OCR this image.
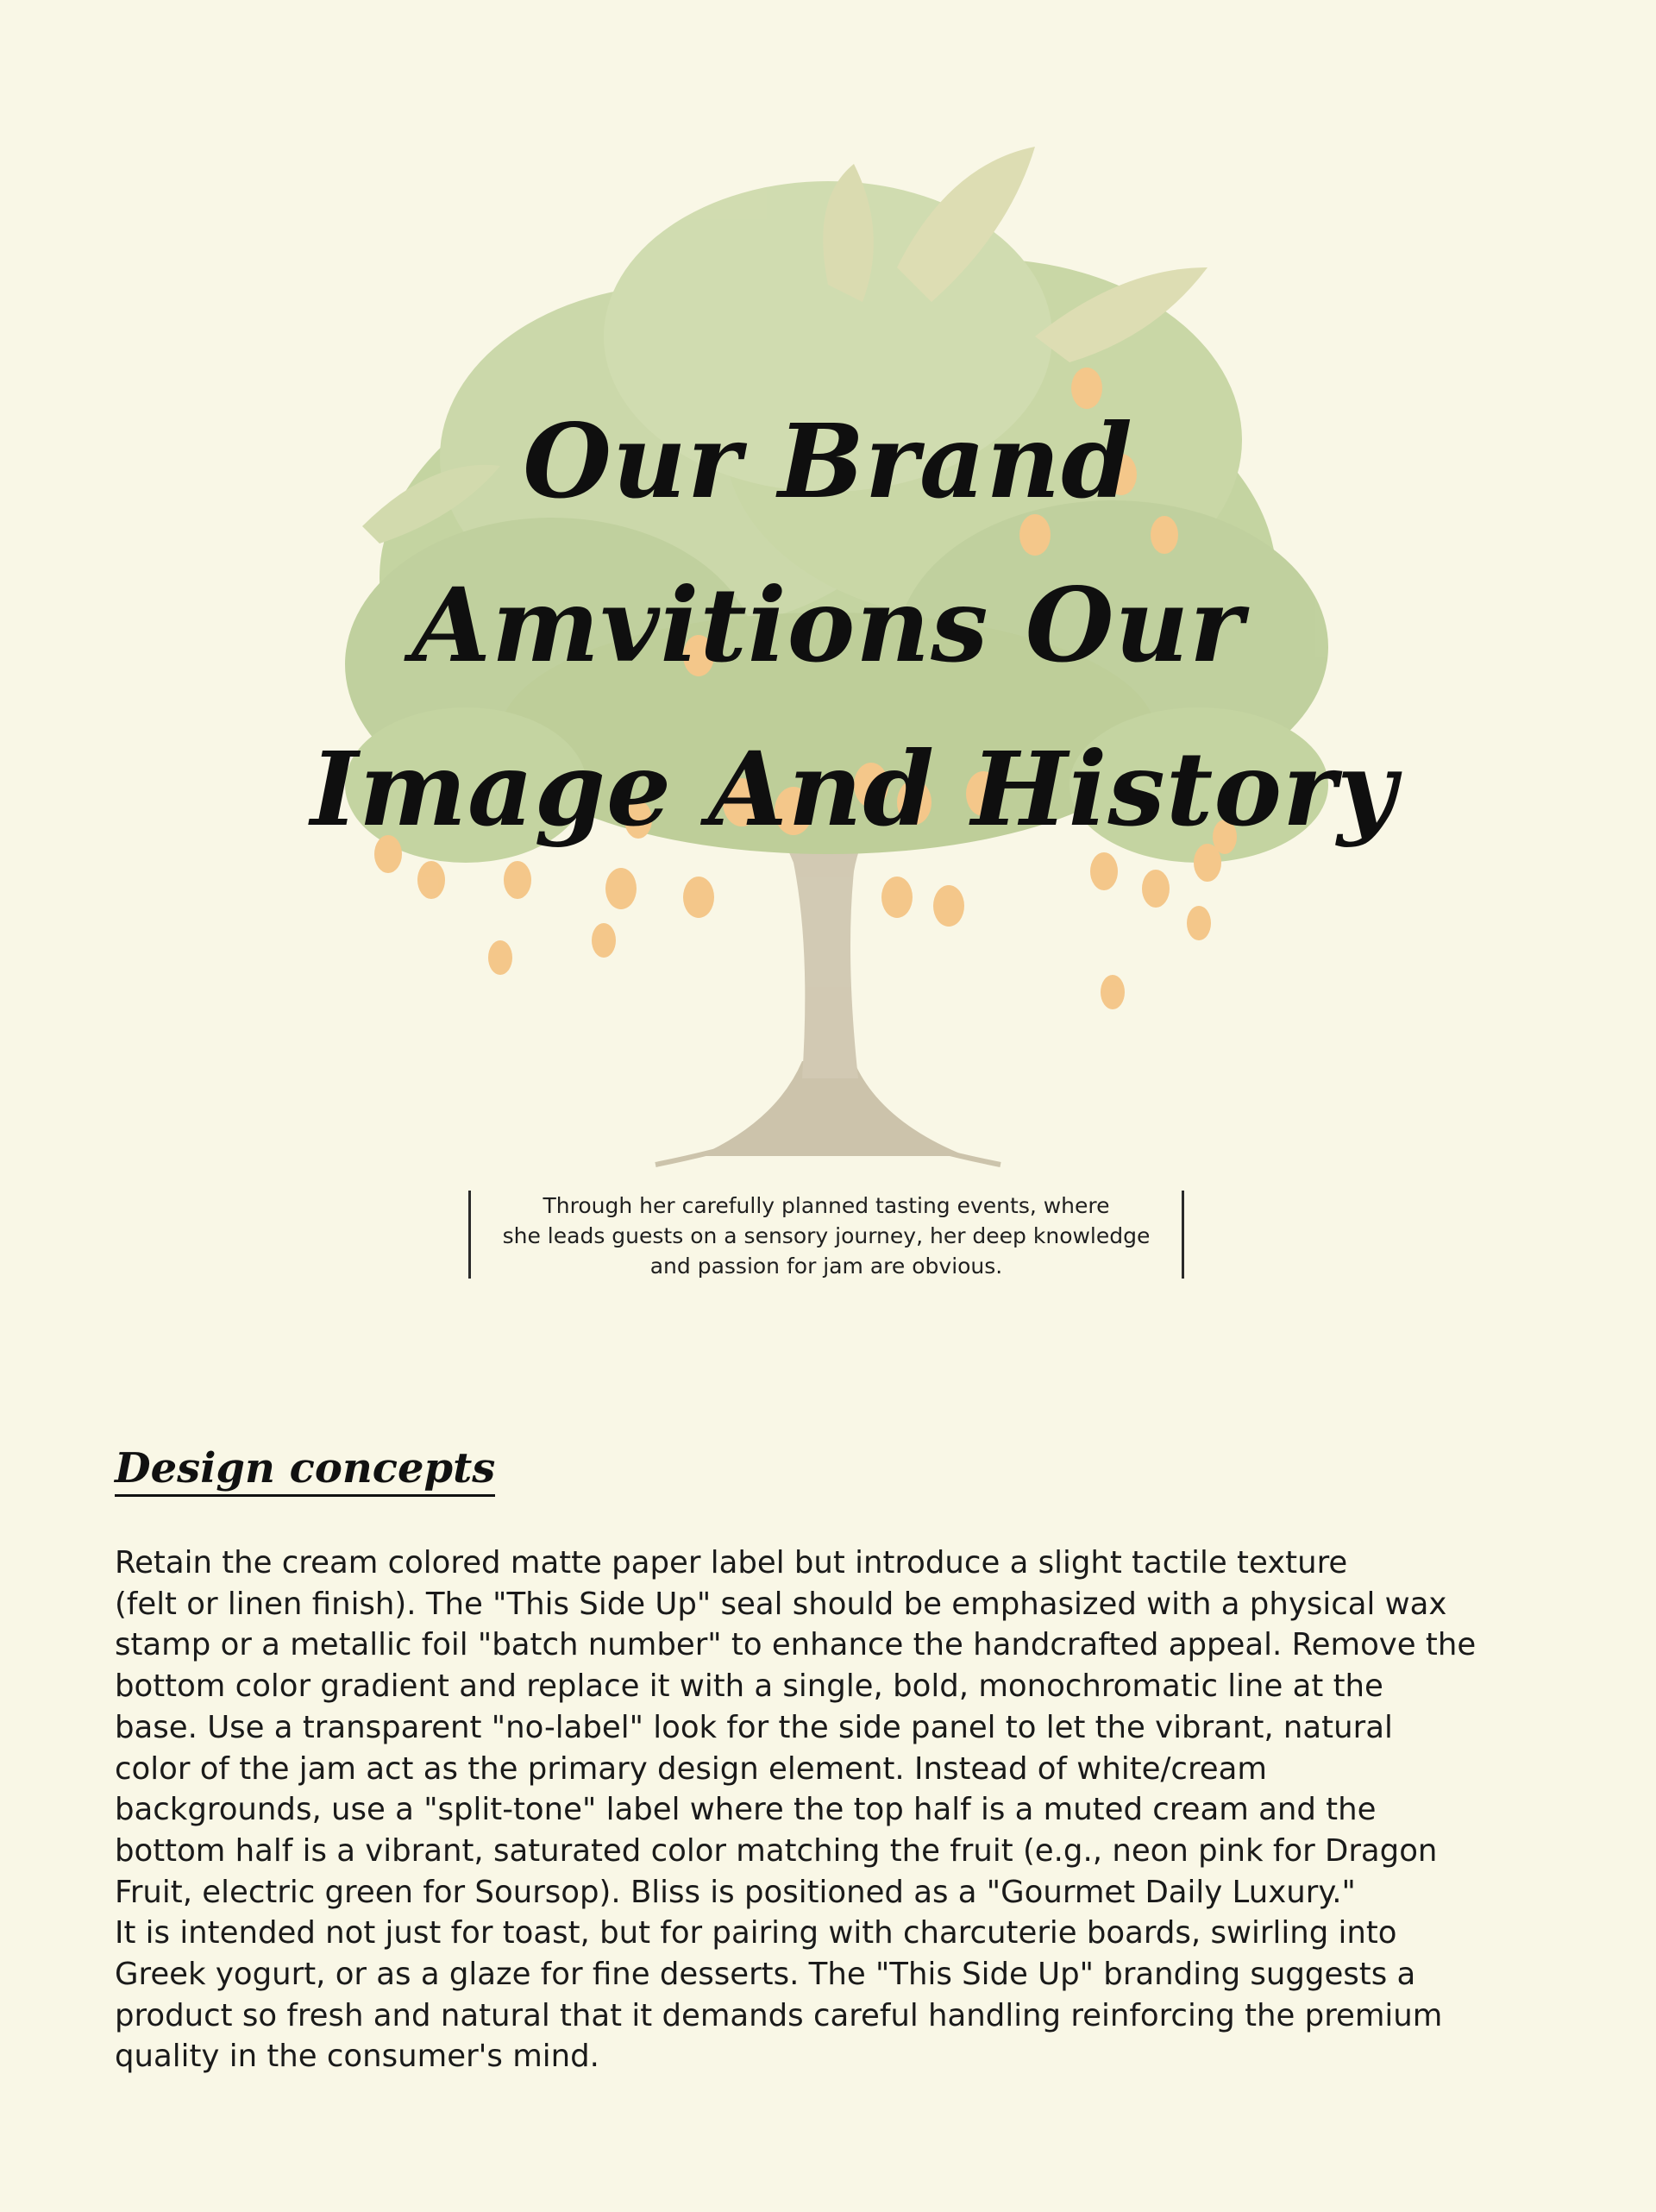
Our Brand
Amvitions Our
Image And History
Through her carefully planned tasting events, where
she leads guests on a sensory journey, her deep knowledge
and passion for jam are obvious.
Design concepts
Retain the cream colored matte paper label but introduce a slight tactile texture
(felt or linen finish). The "This Side Up" seal should be emphasized with a physical wax
stamp or a metallic foil "batch number" to enhance the handcrafted appeal. Remove the
bottom color gradient and replace it with a single, bold, monochromatic line at the
base. Use a transparent "no-label" look for the side panel to let the vibrant, natural
color of the jam act as the primary design element. Instead of white/cream
backgrounds, use a "split-tone" label where the top half is a muted cream and the
bottom half is a vibrant, saturated color matching the fruit (e.g., neon pink for Dragon
Fruit, electric green for Soursop). Bliss is positioned as a "Gourmet Daily Luxury."
It is intended not just for toast, but for pairing with charcuterie boards, swirling into
Greek yogurt, or as a glaze for fine desserts. The "This Side Up" branding suggests a
product so fresh and natural that it demands careful handling reinforcing the premium
quality in the consumer's mind.
